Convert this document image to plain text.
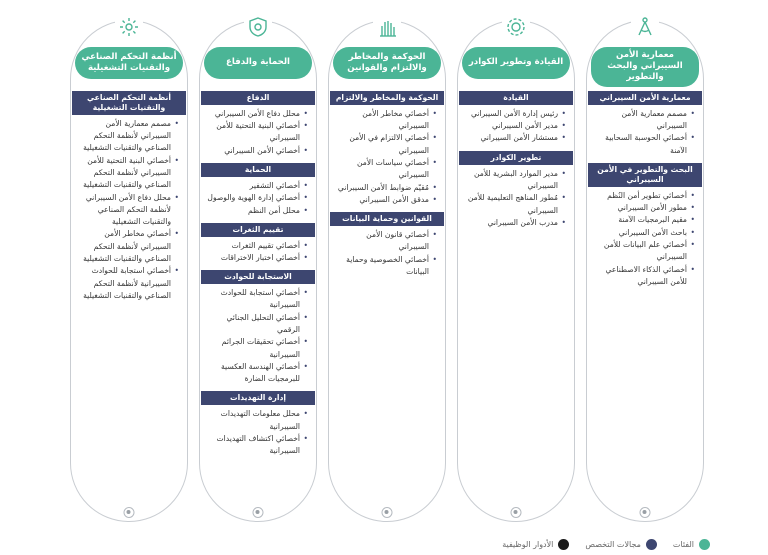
معمارية الأمن السيبراني والبحث والتطوير
معمارية الأمن السيبراني
• مصمم معمارية الأمن السيبراني
• أخصائي الحوسبة السحابية الآمنة
البحث والتطوير في الأمن السيبراني
• أخصائي تطوير أمن النُظم
• مطور الأمن السيبراني
• مقيم البرمجيات الآمنة
• باحث الأمن السيبراني
• أخصائي علم البيانات للأمن السيبراني
• أخصائي الذكاء الاصطناعي للأمن السيبراني
القيادة وتطوير الكوادر
القيادة
• رئيس إدارة الأمن السيبراني
• مدير الأمن السيبراني
• مستشار الأمن السيبراني
تطوير الكوادر
• مدير الموارد البشرية للأمن السيبراني
• مُطور المناهج التعليمية للأمن السيبراني
• مدرب الأمن السيبراني
الحوكمة والمخاطر والالتزام والقوانين
الحوكمة والمخاطر والالتزام
• أخصائي مخاطر الأمن السيبراني
• أخصائي الالتزام في الأمن السيبراني
• أخصائي سياسات الأمن السيبراني
• مُقيّم ضوابط الأمن السيبراني
• مدقق الأمن السيبراني
القوانين وحماية البيانات
• أخصائي قانون الأمن السيبراني
• أخصائي الخصوصية وحماية البيانات
الحماية والدفاع
الدفاع
• محلل دفاع الأمن السيبراني
• أخصائي البنية التحتية للأمن السيبراني
• أخصائي الأمن السيبراني
الحماية
• أخصائي التشفير
• أخصائي إدارة الهوية والوصول
• محلل أمن النظم
تقييم الثغرات
• أخصائي تقييم الثغرات
• أخصائي اختبار الاختراقات
الاستجابة للحوادث
• أخصائي استجابة للحوادث السيبرانية
• أخصائي التحليل الجنائي الرقمي
• أخصائي تحقيقات الجرائم السيبرانية
• أخصائي الهندسة العكسية للبرمجيات الضارة
إدارة التهديدات
• محلل معلومات التهديدات السيبرانية
• أخصائي اكتشاف التهديدات السيبرانية
أنظمة التحكم الصناعي والتقنيات التشغيلية
أنظمة التحكم الصناعي والتقنيات التشغيلية
• مصمم معمارية الأمن السيبراني لأنظمة التحكم الصناعي والتقنيات التشغيلية
• أخصائي البنية التحتية للأمن السيبراني لأنظمة التحكم الصناعي والتقنيات التشغيلية
• محلل دفاع الأمن السيبراني لأنظمة التحكم الصناعي والتقنيات التشغيلية
• أخصائي مخاطر الأمن السيبراني لأنظمة التحكم الصناعي والتقنيات التشغيلية
• أخصائي استجابة للحوادث السيبرانية لأنظمة التحكم الصناعي والتقنيات التشغيلية
الفئات
مجالات التخصص
الأدوار الوظيفية
